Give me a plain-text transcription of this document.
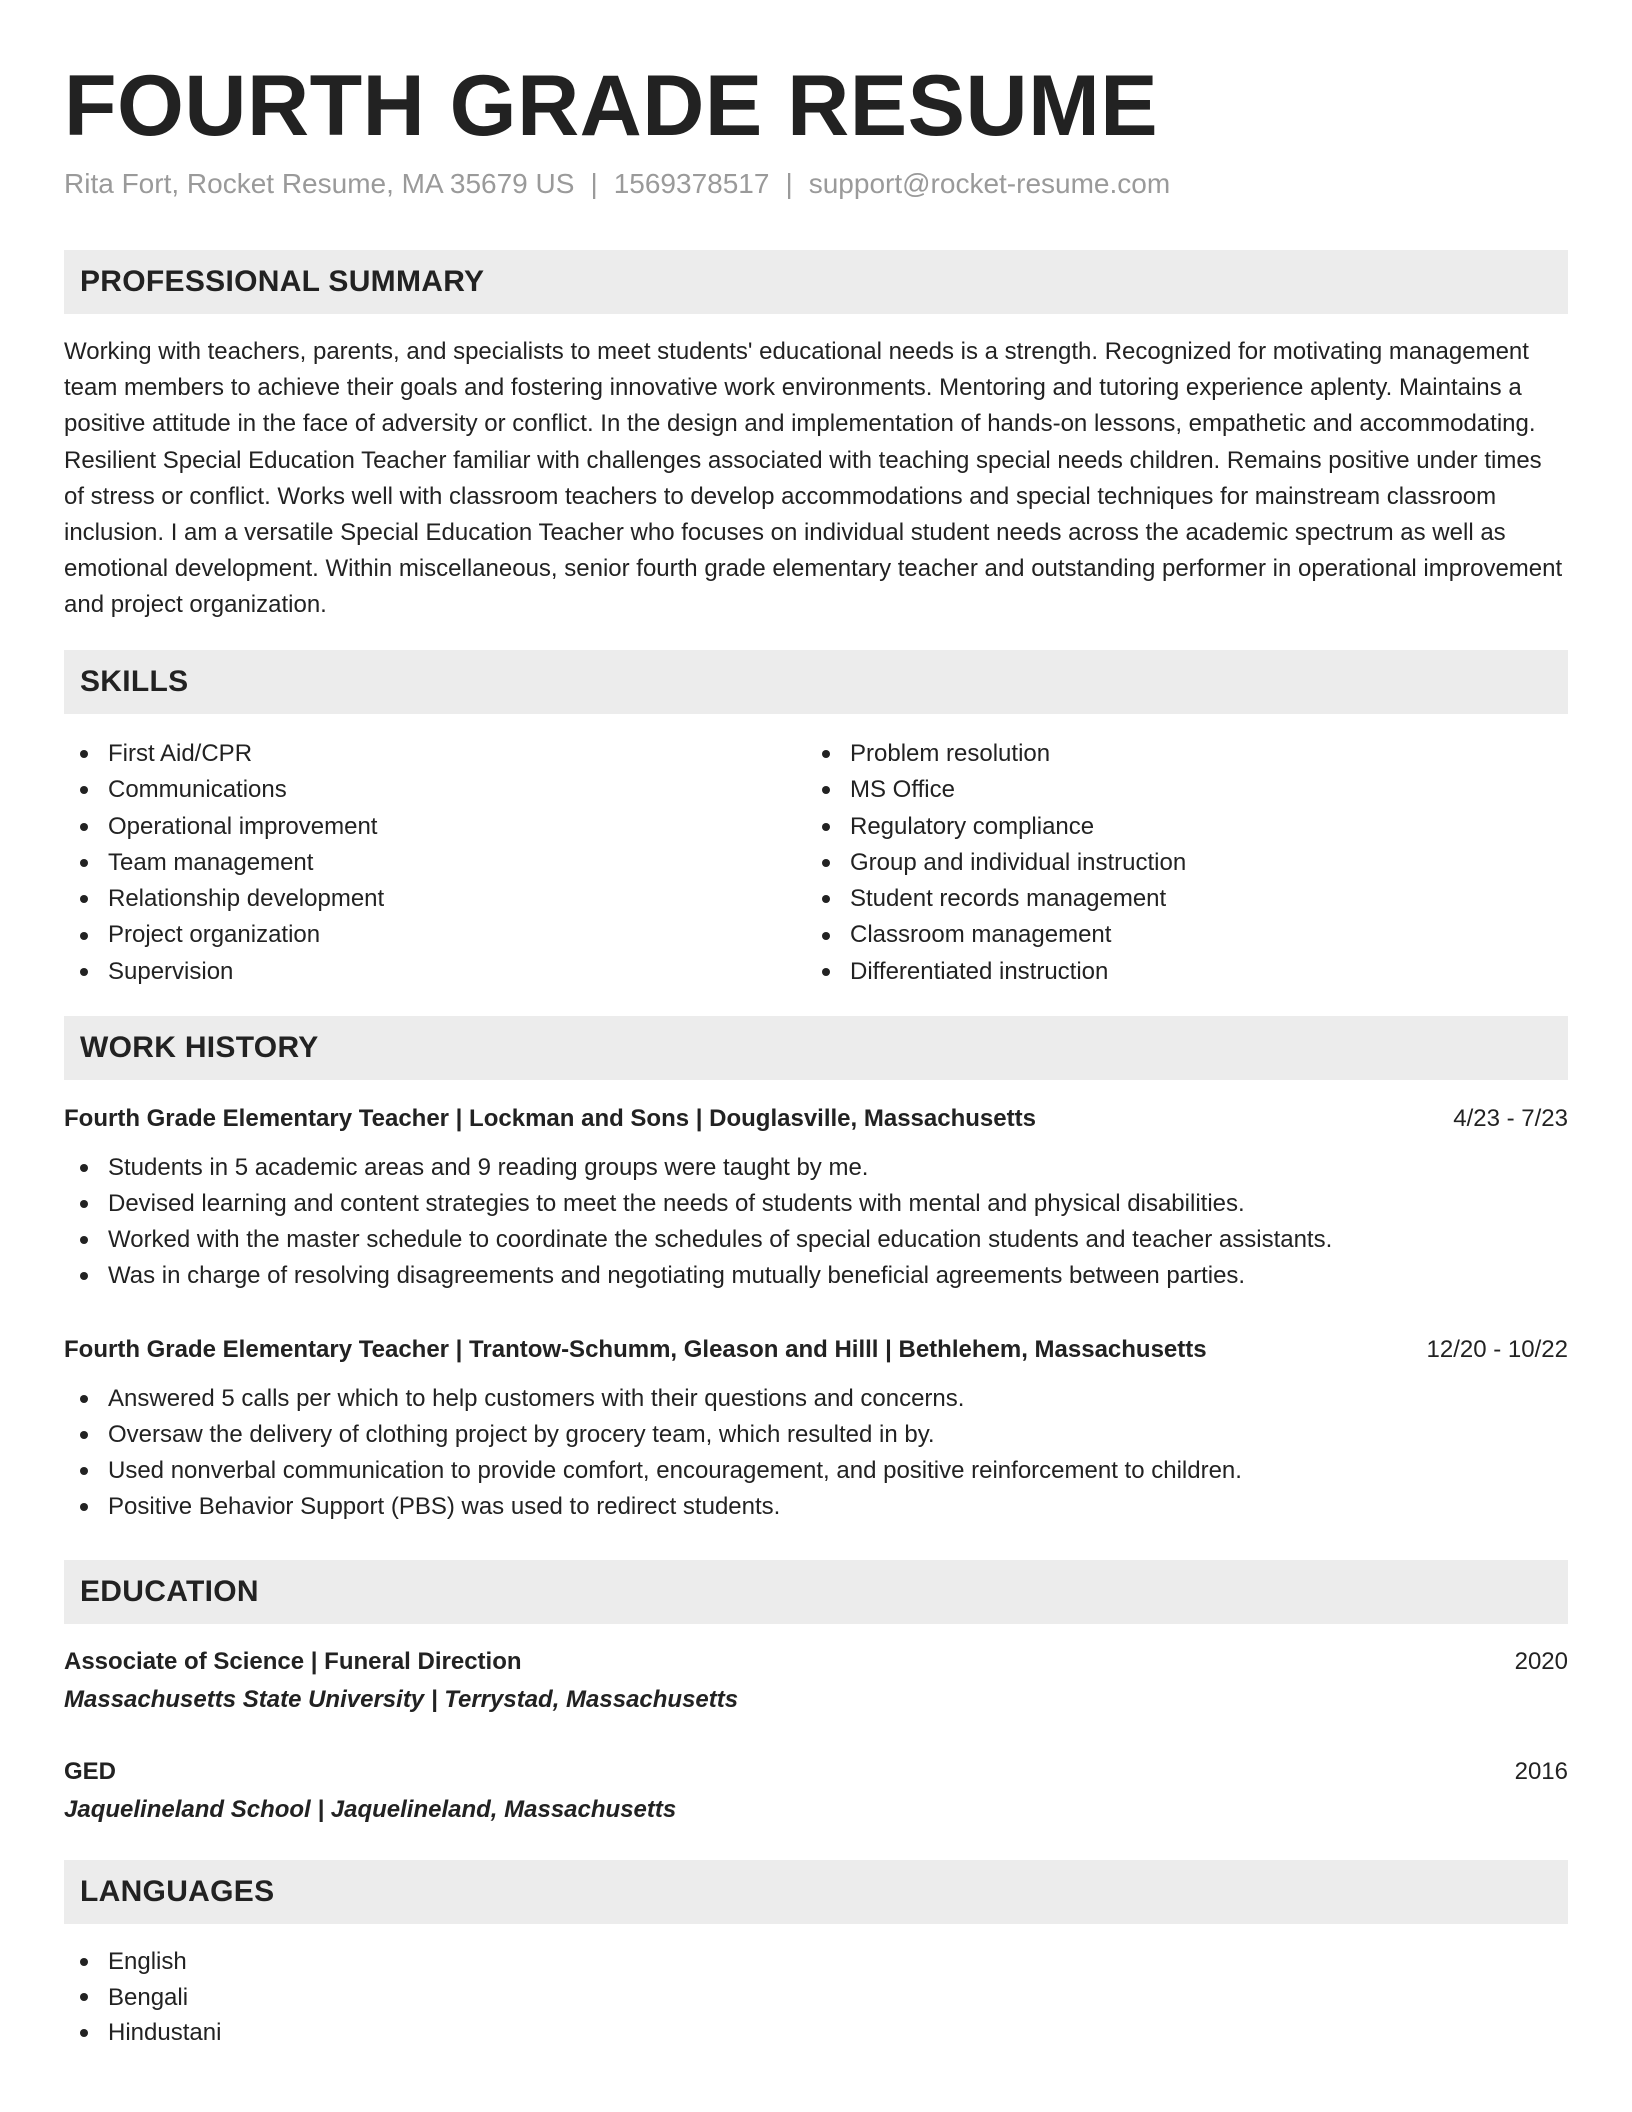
FOURTH GRADE RESUME
Rita Fort, Rocket Resume, MA 35679 US | 1569378517 | support@rocket-resume.com
PROFESSIONAL SUMMARY

Working with teachers, parents, and specialists to meet students' educational needs is a strength. Recognized for motivating management team members to achieve their goals and fostering innovative work environments. Mentoring and tutoring experience aplenty. Maintains a positive attitude in the face of adversity or conflict. In the design and implementation of hands-on lessons, empathetic and accommodating. Resilient Special Education Teacher familiar with challenges associated with teaching special needs children. Remains positive under times of stress or conflict. Works well with classroom teachers to develop accommodations and special techniques for mainstream classroom inclusion. I am a versatile Special Education Teacher who focuses on individual student needs across the academic spectrum as well as emotional development. Within miscellaneous, senior fourth grade elementary teacher and outstanding performer in operational improvement and project organization.

SKILLS
First Aid/CPR
Communications
Operational improvement
Team management
Relationship development
Project organization
Supervision
Problem resolution
MS Office
Regulatory compliance
Group and individual instruction
Student records management
Classroom management
Differentiated instruction
WORK HISTORY
Fourth Grade Elementary Teacher | Lockman and Sons | Douglasville, Massachusetts	4/23 - 7/23
Students in 5 academic areas and 9 reading groups were taught by me.
Devised learning and content strategies to meet the needs of students with mental and physical disabilities.
Worked with the master schedule to coordinate the schedules of special education students and teacher assistants.
Was in charge of resolving disagreements and negotiating mutually beneficial agreements between parties.
Fourth Grade Elementary Teacher | Trantow-Schumm, Gleason and Hilll | Bethlehem, Massachusetts	12/20 - 10/22
Answered 5 calls per which to help customers with their questions and concerns.
Oversaw the delivery of clothing project by grocery team, which resulted in by.
Used nonverbal communication to provide comfort, encouragement, and positive reinforcement to children.
Positive Behavior Support (PBS) was used to redirect students.
EDUCATION
Associate of Science | Funeral Direction	2020
Massachusetts State University | Terrystad, Massachusetts
GED	2016
Jaquelineland School | Jaquelineland, Massachusetts
LANGUAGES
English
Bengali
Hindustani
